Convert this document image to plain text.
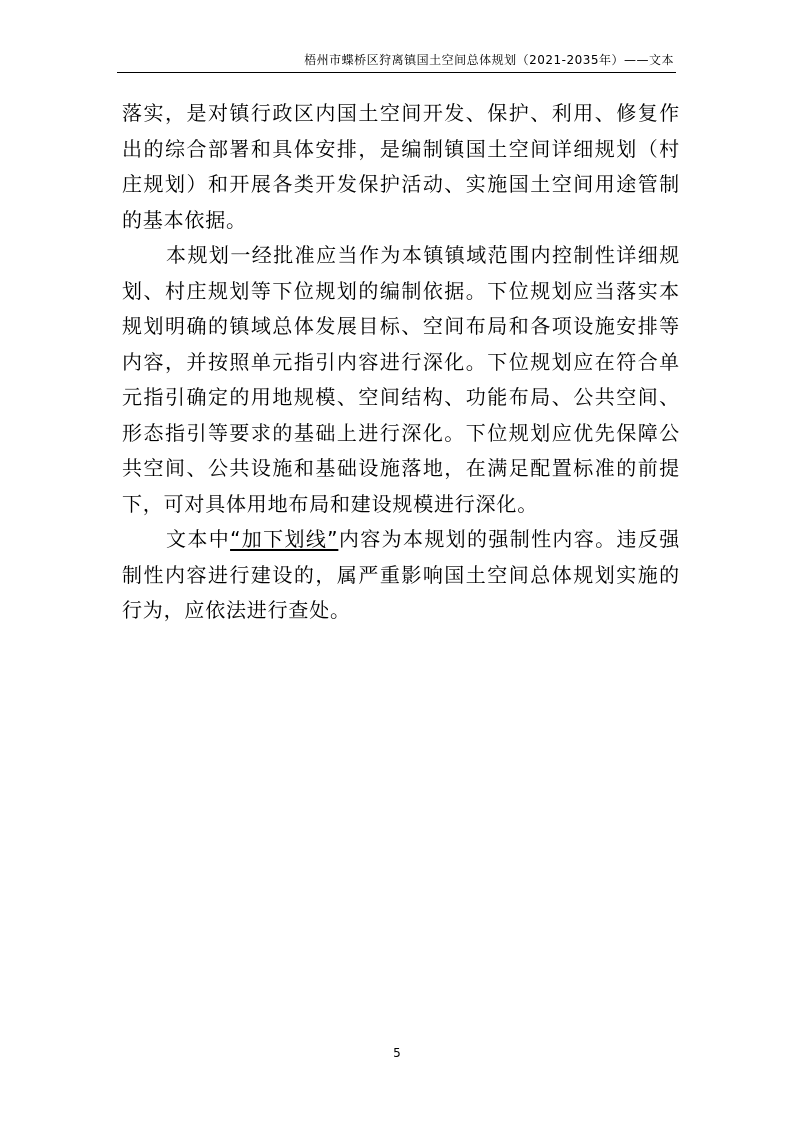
梧州市蝶桥区狩离镇国土空间总体规划（2021-2035年）——文本

落实，是对镇行政区内国土空间开发、保护、利用、修复作出的综合部署和具体安排，是编制镇国土空间详细规划（村庄规划）和开展各类开发保护活动、实施国土空间用途管制的基本依据。

本规划一经批准应当作为本镇镇域范围内控制性详细规划、村庄规划等下位规划的编制依据。下位规划应当落实本规划明确的镇域总体发展目标、空间布局和各项设施安排等内容，并按照单元指引内容进行深化。下位规划应在符合单元指引确定的用地规模、空间结构、功能布局、公共空间、形态指引等要求的基础上进行深化。下位规划应优先保障公共空间、公共设施和基础设施落地，在满足配置标准的前提下，可对具体用地布局和建设规模进行深化。

文本中“加下划线”内容为本规划的强制性内容。违反强制性内容进行建设的，属严重影响国土空间总体规划实施的行为，应依法进行查处。

5
